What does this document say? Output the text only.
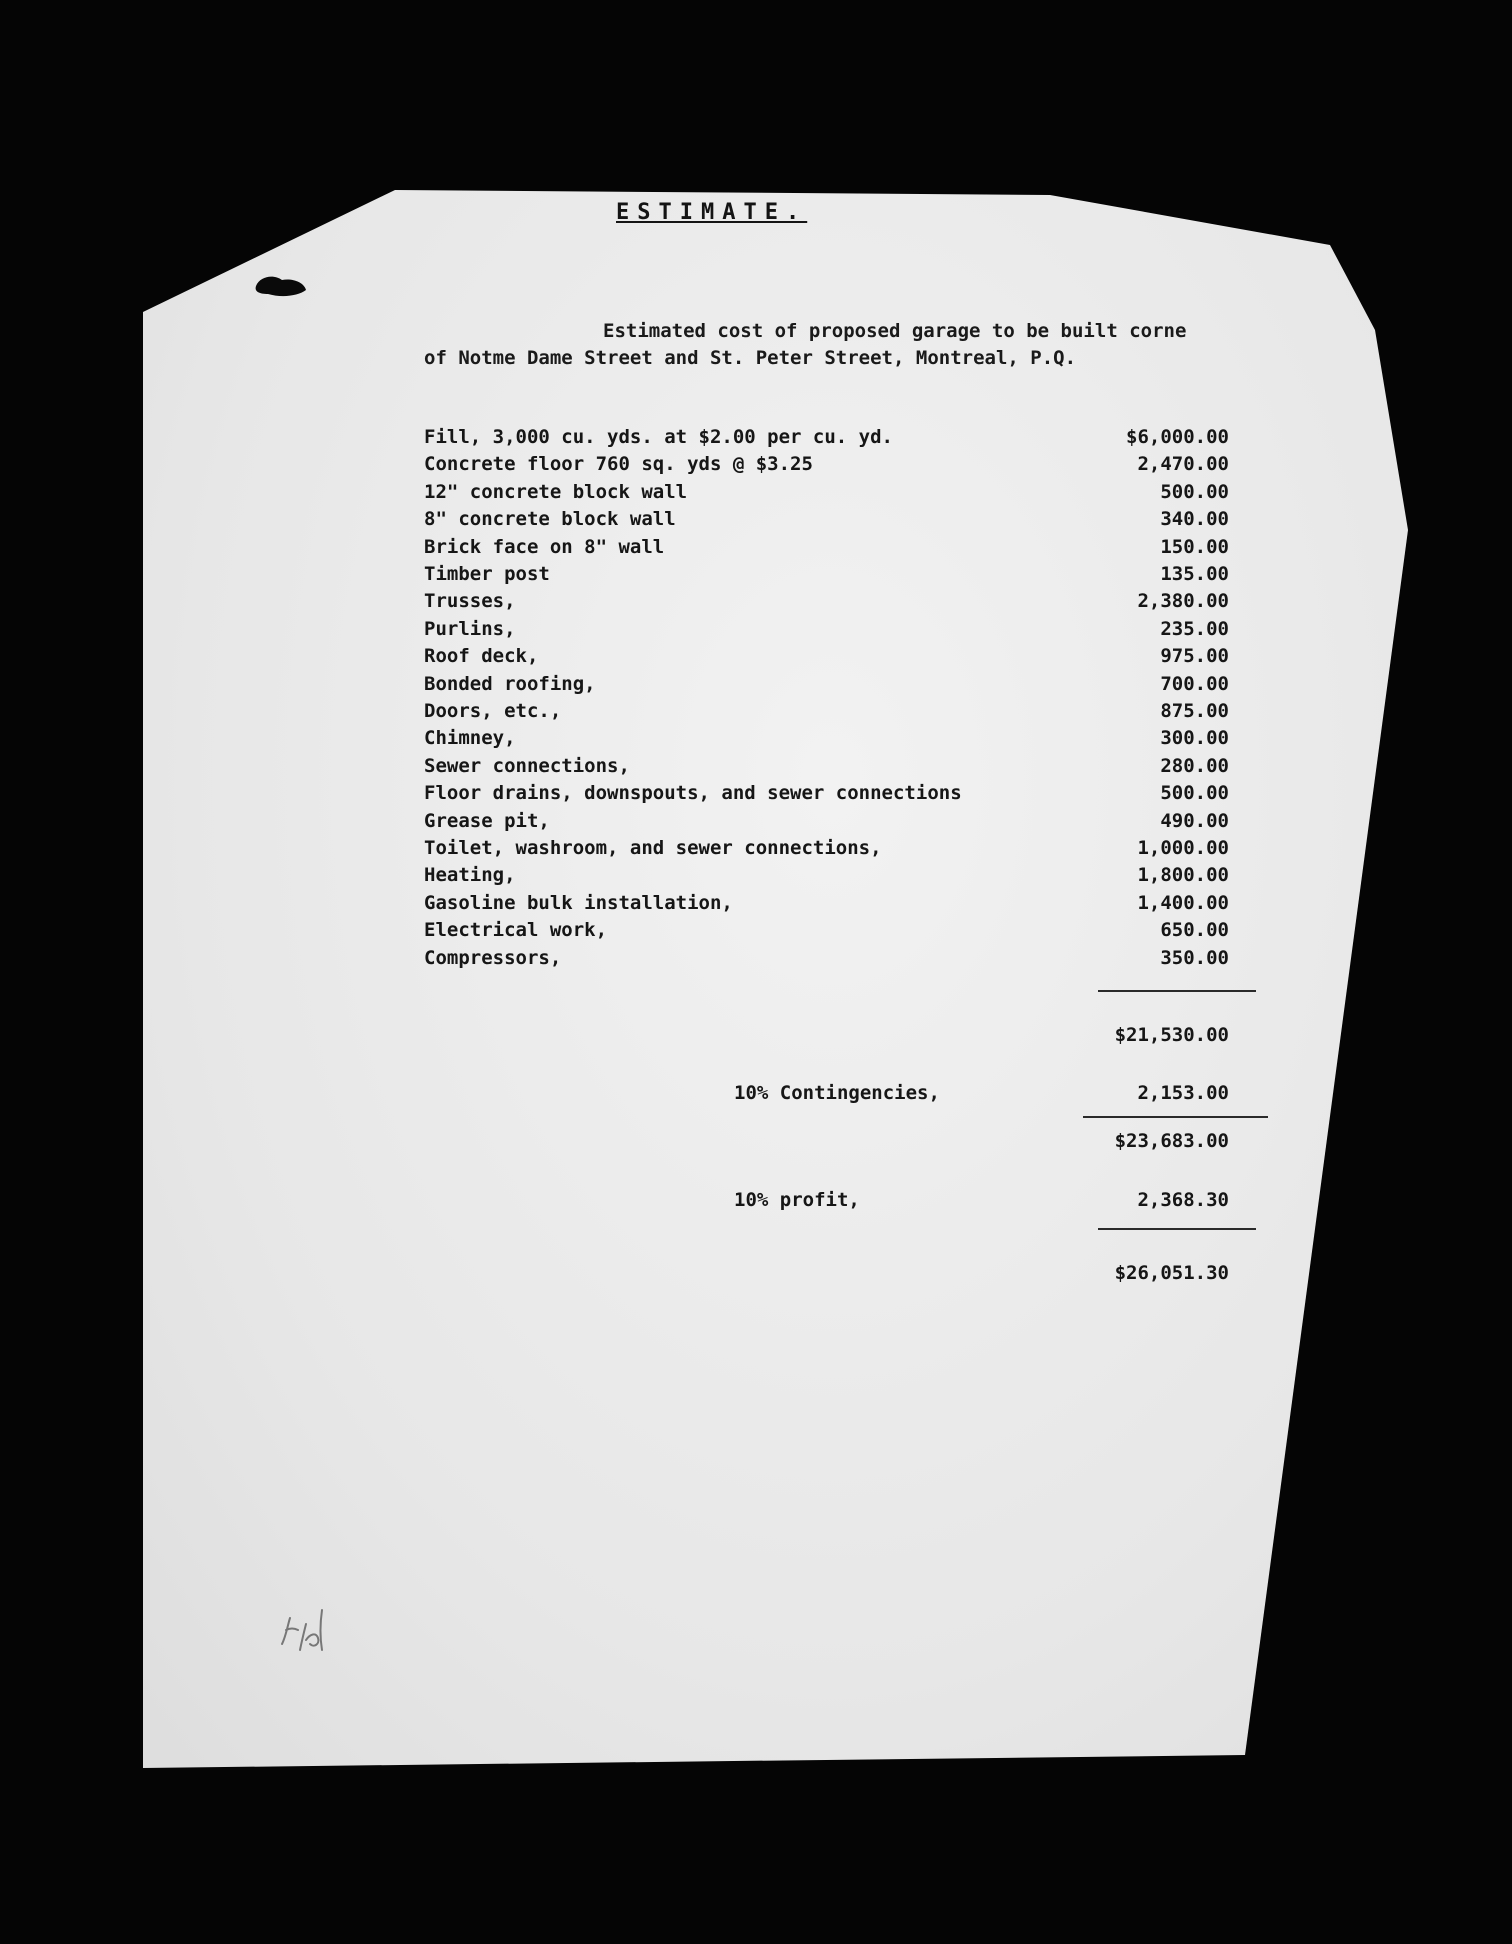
ESTIMATE.
Estimated cost of proposed garage to be built corne
of Notme Dame Street and St. Peter Street, Montreal, P.Q.
Fill, 3,000 cu. yds. at $2.00 per cu. yd.	$6,000.00
Concrete floor 760 sq. yds @ $3.25	2,470.00
12" concrete block wall	500.00
8" concrete block wall	340.00
Brick face on 8" wall	150.00
Timber post	135.00
Trusses,	2,380.00
Purlins,	235.00
Roof deck,	975.00
Bonded roofing,	700.00
Doors, etc.,	875.00
Chimney,	300.00
Sewer connections,	280.00
Floor drains, downspouts, and sewer connections	500.00
Grease pit,	490.00
Toilet, washroom, and sewer connections,	1,000.00
Heating,	1,800.00
Gasoline bulk installation,	1,400.00
Electrical work,	650.00
Compressors,	350.00
$21,530.00
10% Contingencies,	2,153.00
$23,683.00
10% profit,	2,368.30
$26,051.30
